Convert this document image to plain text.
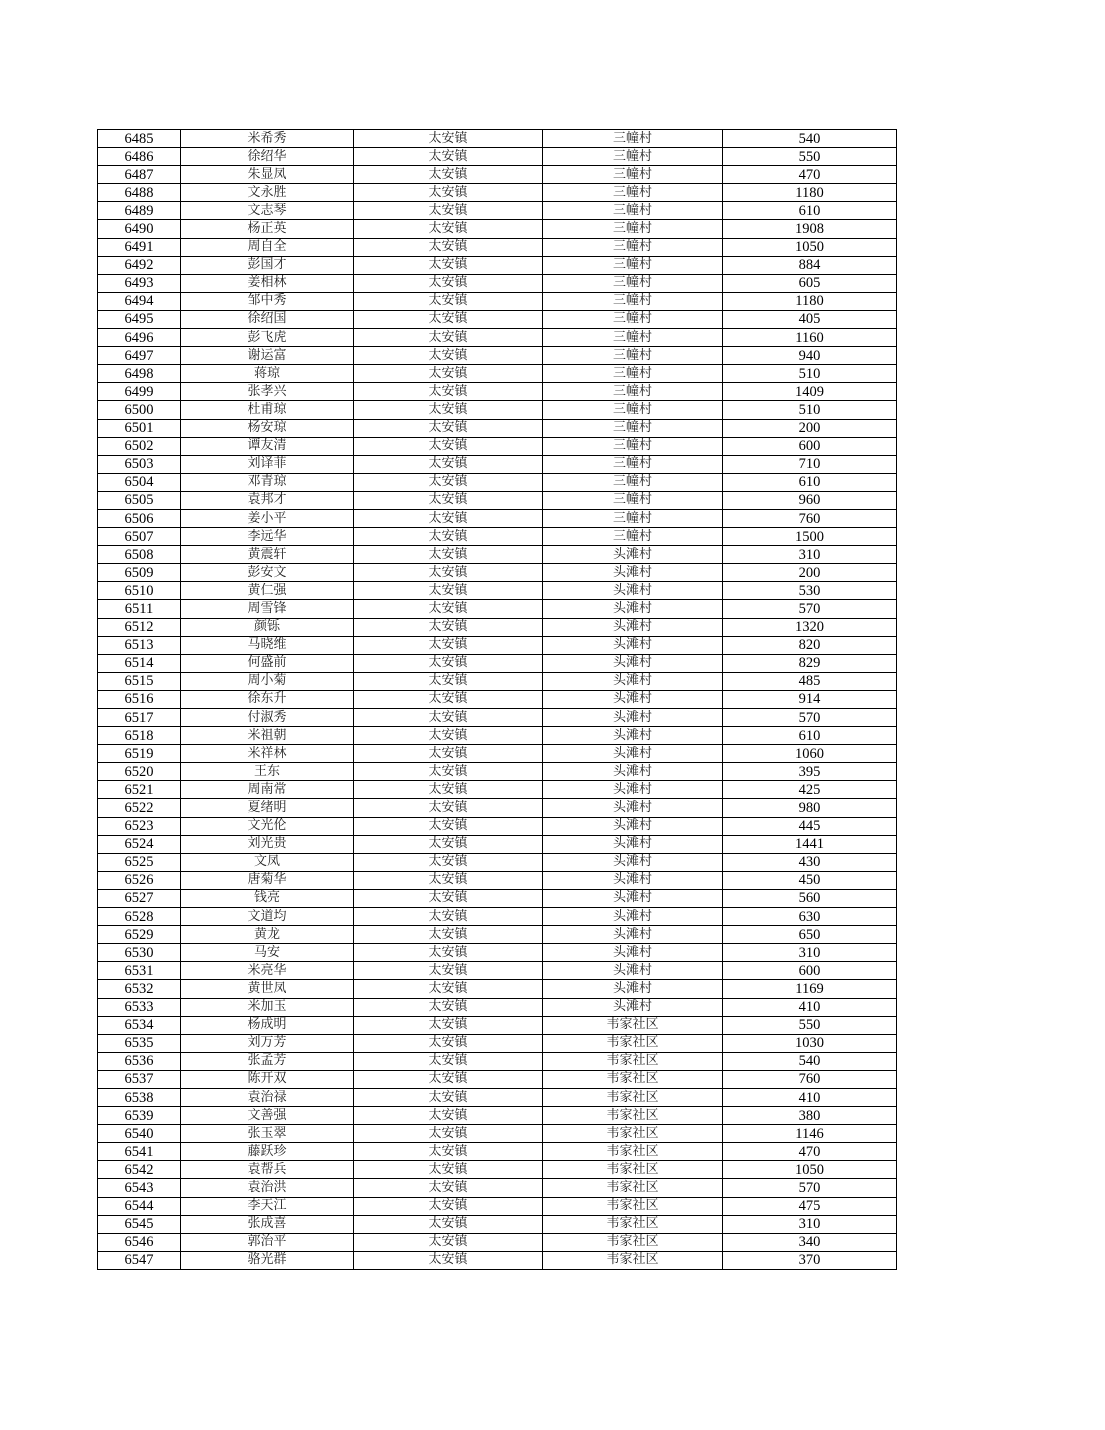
6485	米希秀	太安镇	三幢村	540
6486	徐绍华	太安镇	三幢村	550
6487	朱显凤	太安镇	三幢村	470
6488	文永胜	太安镇	三幢村	1180
6489	文志琴	太安镇	三幢村	610
6490	杨正英	太安镇	三幢村	1908
6491	周自全	太安镇	三幢村	1050
6492	彭国才	太安镇	三幢村	884
6493	姜相林	太安镇	三幢村	605
6494	邹中秀	太安镇	三幢村	1180
6495	徐绍国	太安镇	三幢村	405
6496	彭飞虎	太安镇	三幢村	1160
6497	谢运富	太安镇	三幢村	940
6498	蒋琼	太安镇	三幢村	510
6499	张孝兴	太安镇	三幢村	1409
6500	杜甫琼	太安镇	三幢村	510
6501	杨安琼	太安镇	三幢村	200
6502	谭友清	太安镇	三幢村	600
6503	刘译菲	太安镇	三幢村	710
6504	邓青琼	太安镇	三幢村	610
6505	袁邦才	太安镇	三幢村	960
6506	姜小平	太安镇	三幢村	760
6507	李远华	太安镇	三幢村	1500
6508	黄震轩	太安镇	头滩村	310
6509	彭安文	太安镇	头滩村	200
6510	黄仁强	太安镇	头滩村	530
6511	周雪锋	太安镇	头滩村	570
6512	颜铄	太安镇	头滩村	1320
6513	马晓维	太安镇	头滩村	820
6514	何盛前	太安镇	头滩村	829
6515	周小菊	太安镇	头滩村	485
6516	徐东升	太安镇	头滩村	914
6517	付淑秀	太安镇	头滩村	570
6518	米祖朝	太安镇	头滩村	610
6519	米祥林	太安镇	头滩村	1060
6520	王东	太安镇	头滩村	395
6521	周南常	太安镇	头滩村	425
6522	夏绪明	太安镇	头滩村	980
6523	文光伦	太安镇	头滩村	445
6524	刘光贵	太安镇	头滩村	1441
6525	文凤	太安镇	头滩村	430
6526	唐菊华	太安镇	头滩村	450
6527	钱亮	太安镇	头滩村	560
6528	文道均	太安镇	头滩村	630
6529	黄龙	太安镇	头滩村	650
6530	马安	太安镇	头滩村	310
6531	米亮华	太安镇	头滩村	600
6532	黄世凤	太安镇	头滩村	1169
6533	米加玉	太安镇	头滩村	410
6534	杨成明	太安镇	韦家社区	550
6535	刘万芳	太安镇	韦家社区	1030
6536	张孟芳	太安镇	韦家社区	540
6537	陈开双	太安镇	韦家社区	760
6538	袁治禄	太安镇	韦家社区	410
6539	文善强	太安镇	韦家社区	380
6540	张玉翠	太安镇	韦家社区	1146
6541	藤跃珍	太安镇	韦家社区	470
6542	袁帮兵	太安镇	韦家社区	1050
6543	袁治洪	太安镇	韦家社区	570
6544	李天江	太安镇	韦家社区	475
6545	张成喜	太安镇	韦家社区	310
6546	郭治平	太安镇	韦家社区	340
6547	骆光群	太安镇	韦家社区	370
